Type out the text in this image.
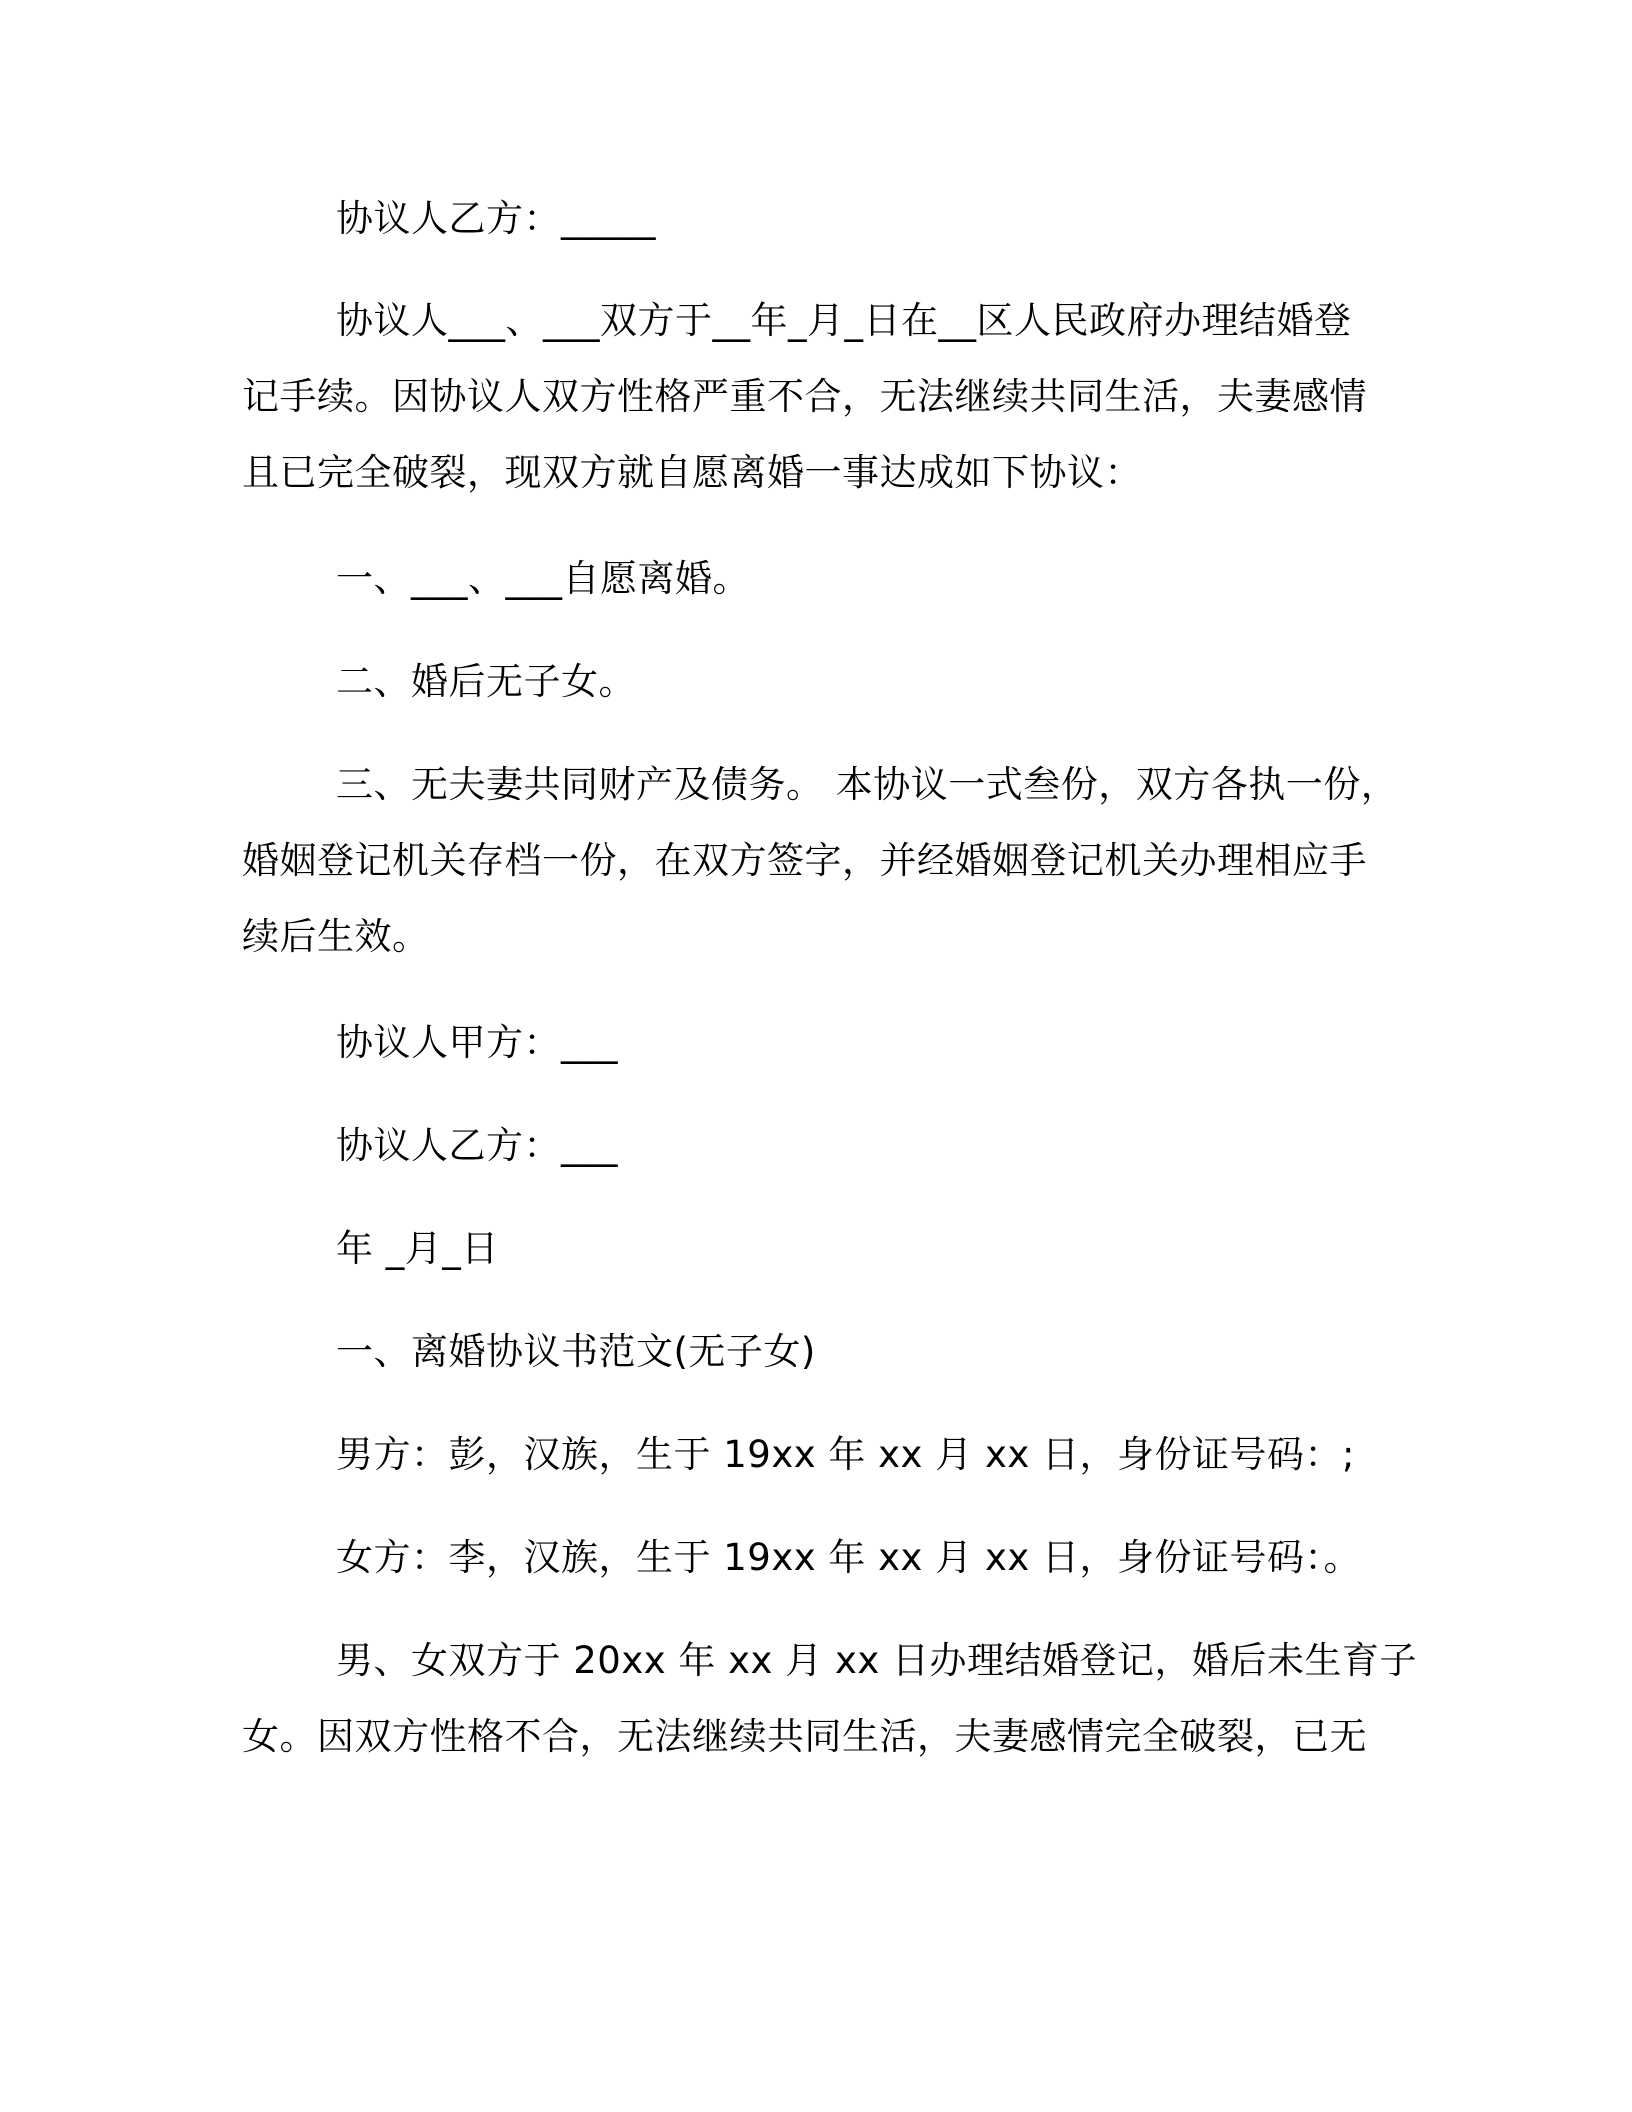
协议人乙方：_____
协议人___、___双方于__年_月_日在__区人民政府办理结婚登
记手续。因协议人双方性格严重不合，无法继续共同生活，夫妻感情
且已完全破裂，现双方就自愿离婚一事达成如下协议：
一、___、___自愿离婚。
二、婚后无子女。
三、无夫妻共同财产及债务。 本协议一式叁份，双方各执一份，
婚姻登记机关存档一份，在双方签字，并经婚姻登记机关办理相应手
续后生效。
协议人甲方：___
协议人乙方：___
年 _月_日
一、离婚协议书范文(无子女)
男方：彭，汉族，生于 19xx 年 xx 月 xx 日，身份证号码：;
女方：李，汉族，生于 19xx 年 xx 月 xx 日，身份证号码：。
男、女双方于 20xx 年 xx 月 xx 日办理结婚登记，婚后未生育子
女。因双方性格不合，无法继续共同生活，夫妻感情完全破裂，已无
